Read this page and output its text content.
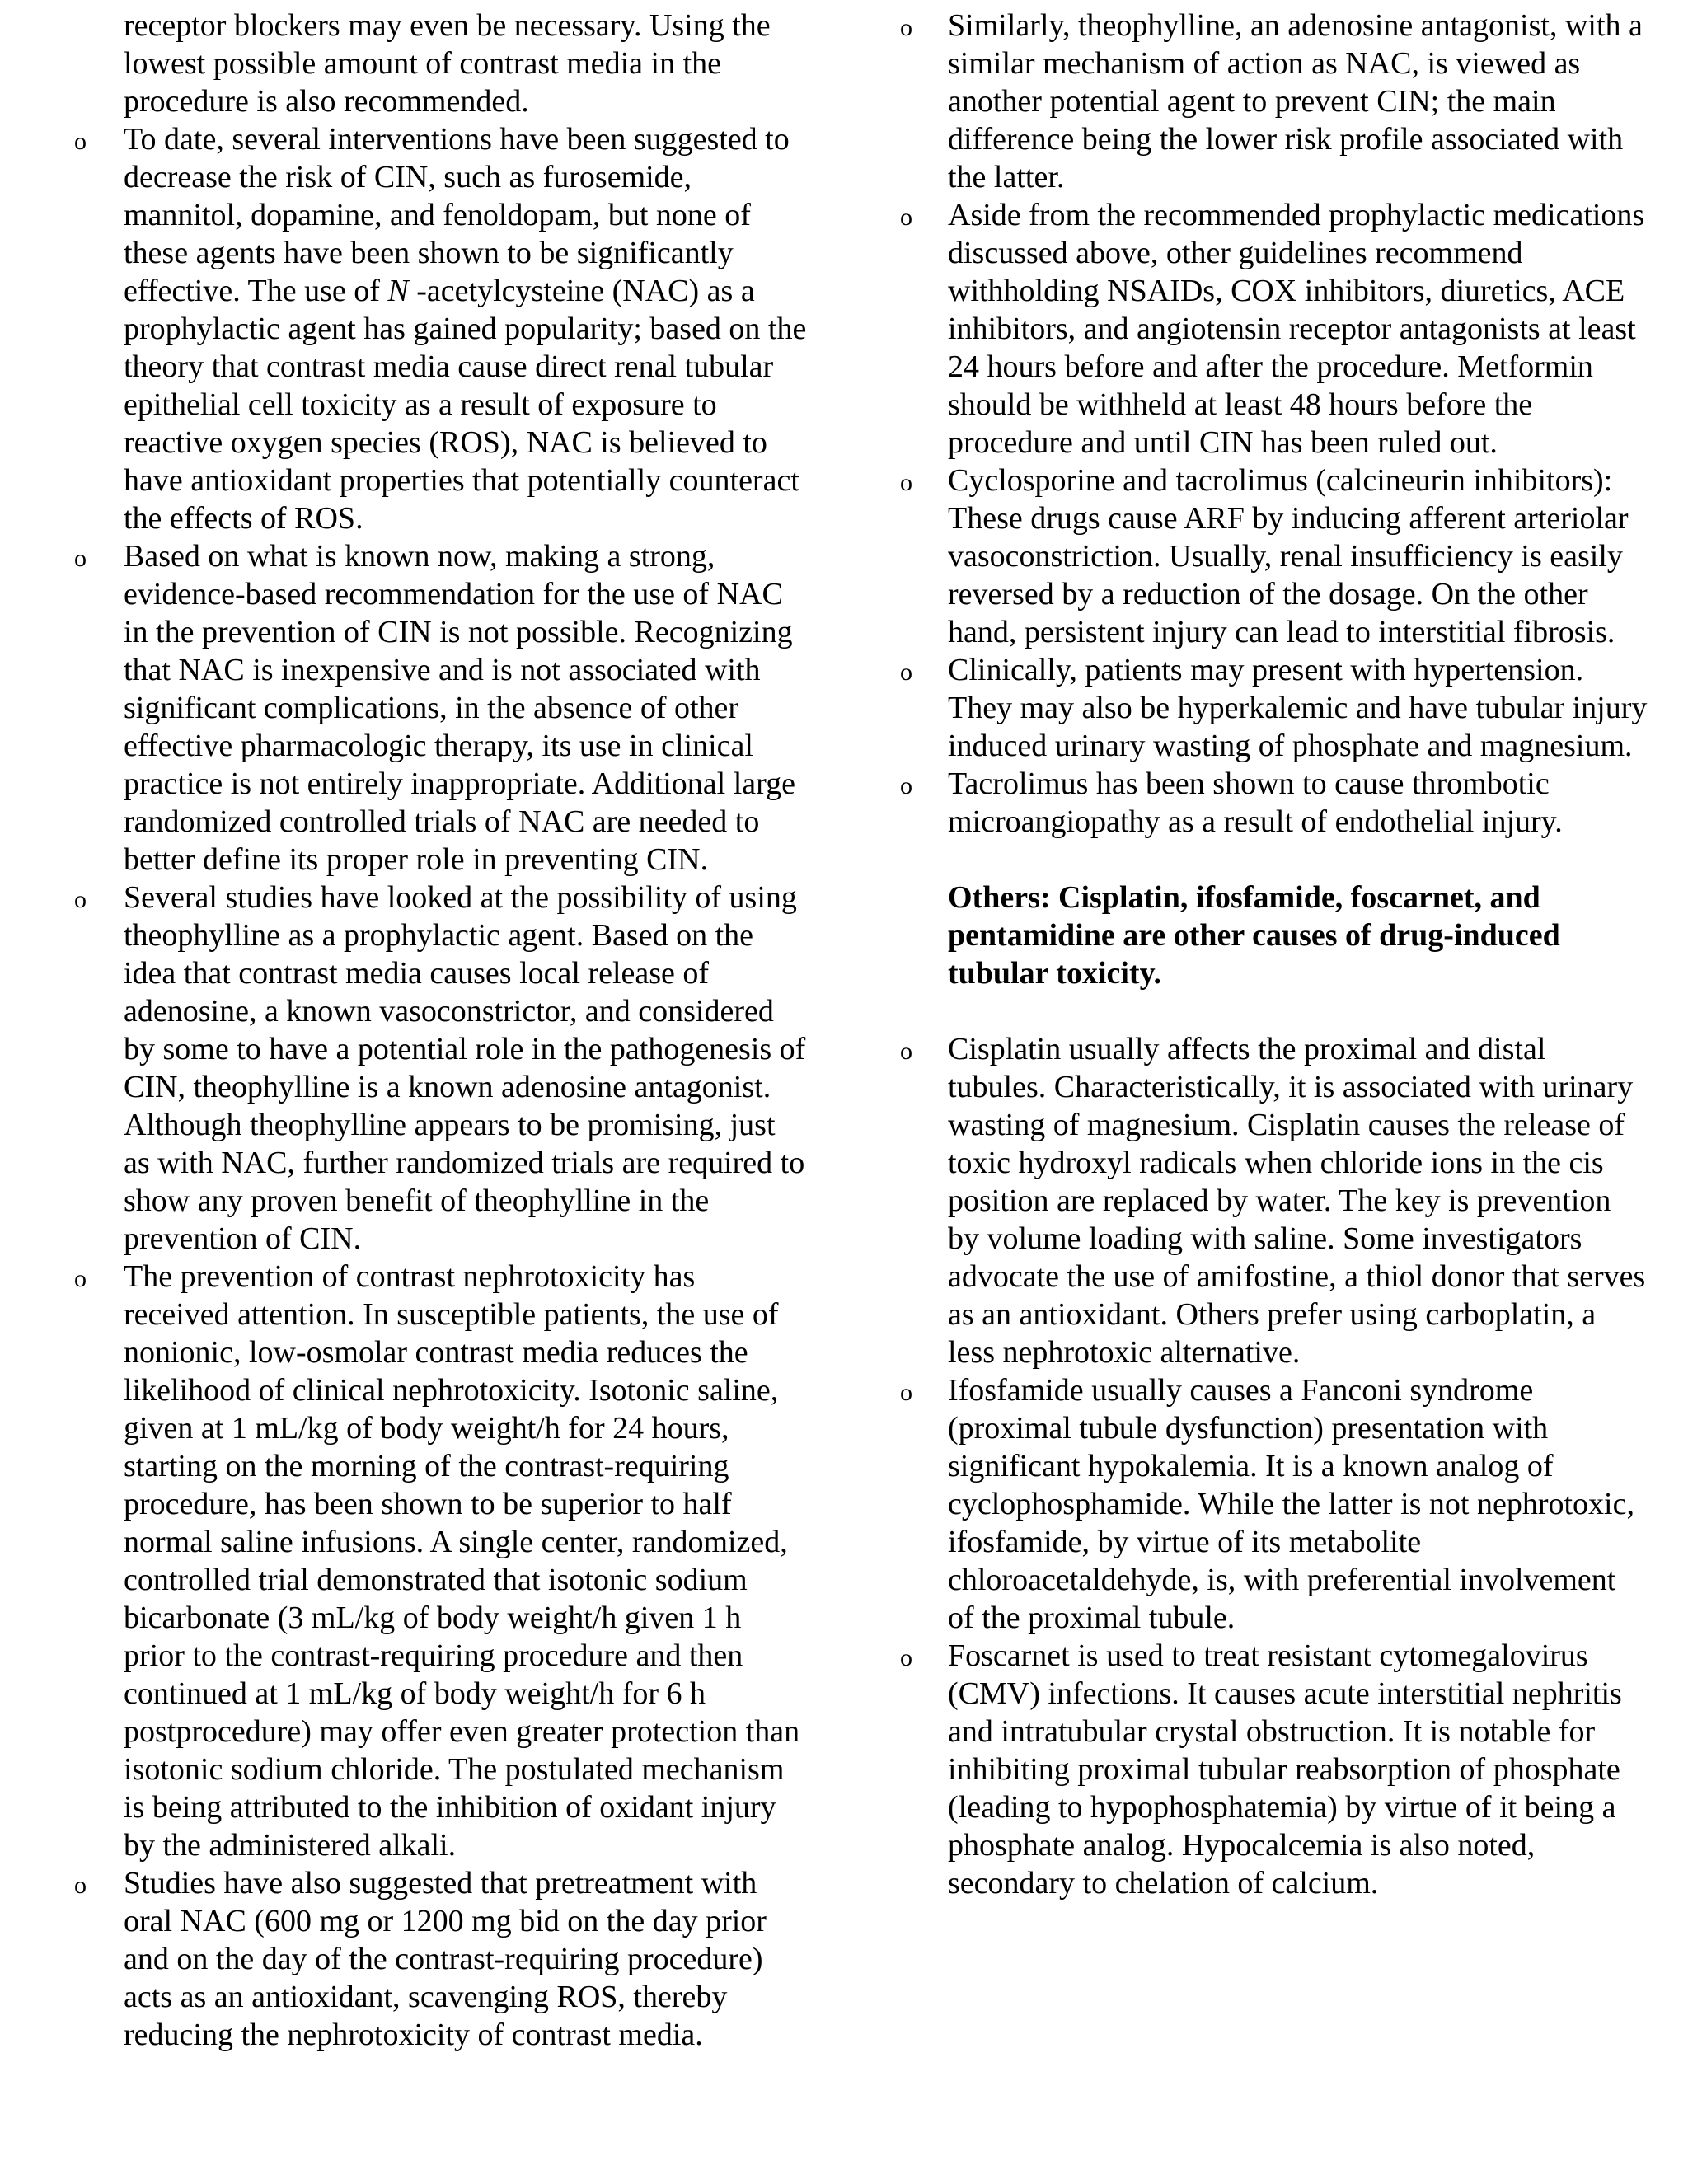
receptor blockers may even be necessary. Using the lowest possible amount of contrast media in the procedure is also recommended.

o To date, several interventions have been suggested to decrease the risk of CIN, such as furosemide, mannitol, dopamine, and fenoldopam, but none of these agents have been shown to be significantly effective. The use of N -acetylcysteine (NAC) as a prophylactic agent has gained popularity; based on the theory that contrast media cause direct renal tubular epithelial cell toxicity as a result of exposure to reactive oxygen species (ROS), NAC is believed to have antioxidant properties that potentially counteract the effects of ROS.
o Based on what is known now, making a strong, evidence-based recommendation for the use of NAC in the prevention of CIN is not possible. Recognizing that NAC is inexpensive and is not associated with significant complications, in the absence of other effective pharmacologic therapy, its use in clinical practice is not entirely inappropriate. Additional large randomized controlled trials of NAC are needed to better define its proper role in preventing CIN.
o Several studies have looked at the possibility of using theophylline as a prophylactic agent. Based on the idea that contrast media causes local release of adenosine, a known vasoconstrictor, and considered by some to have a potential role in the pathogenesis of CIN, theophylline is a known adenosine antagonist. Although theophylline appears to be promising, just as with NAC, further randomized trials are required to show any proven benefit of theophylline in the prevention of CIN.
o The prevention of contrast nephrotoxicity has received attention. In susceptible patients, the use of nonionic, low-osmolar contrast media reduces the likelihood of clinical nephrotoxicity. Isotonic saline, given at 1 mL/kg of body weight/h for 24 hours, starting on the morning of the contrast-requiring procedure, has been shown to be superior to half normal saline infusions. A single center, randomized, controlled trial demonstrated that isotonic sodium bicarbonate (3 mL/kg of body weight/h given 1 h prior to the contrast-requiring procedure and then continued at 1 mL/kg of body weight/h for 6 h postprocedure) may offer even greater protection than isotonic sodium chloride. The postulated mechanism is being attributed to the inhibition of oxidant injury by the administered alkali.
o Studies have also suggested that pretreatment with oral NAC (600 mg or 1200 mg bid on the day prior and on the day of the contrast-requiring procedure) acts as an antioxidant, scavenging ROS, thereby reducing the nephrotoxicity of contrast media.
o Similarly, theophylline, an adenosine antagonist, with a similar mechanism of action as NAC, is viewed as another potential agent to prevent CIN; the main difference being the lower risk profile associated with the latter.
o Aside from the recommended prophylactic medications discussed above, other guidelines recommend withholding NSAIDs, COX inhibitors, diuretics, ACE inhibitors, and angiotensin receptor antagonists at least 24 hours before and after the procedure. Metformin should be withheld at least 48 hours before the procedure and until CIN has been ruled out.
o Cyclosporine and tacrolimus (calcineurin inhibitors): These drugs cause ARF by inducing afferent arteriolar vasoconstriction. Usually, renal insufficiency is easily reversed by a reduction of the dosage. On the other hand, persistent injury can lead to interstitial fibrosis.
o Clinically, patients may present with hypertension. They may also be hyperkalemic and have tubular injury induced urinary wasting of phosphate and magnesium.
o Tacrolimus has been shown to cause thrombotic microangiopathy as a result of endothelial injury.

Others: Cisplatin, ifosfamide, foscarnet, and pentamidine are other causes of drug-induced tubular toxicity.

o Cisplatin usually affects the proximal and distal tubules. Characteristically, it is associated with urinary wasting of magnesium. Cisplatin causes the release of toxic hydroxyl radicals when chloride ions in the cis position are replaced by water. The key is prevention by volume loading with saline. Some investigators advocate the use of amifostine, a thiol donor that serves as an antioxidant. Others prefer using carboplatin, a less nephrotoxic alternative.
o Ifosfamide usually causes a Fanconi syndrome (proximal tubule dysfunction) presentation with significant hypokalemia. It is a known analog of cyclophosphamide. While the latter is not nephrotoxic, ifosfamide, by virtue of its metabolite chloroacetaldehyde, is, with preferential involvement of the proximal tubule.
o Foscarnet is used to treat resistant cytomegalovirus (CMV) infections. It causes acute interstitial nephritis and intratubular crystal obstruction. It is notable for inhibiting proximal tubular reabsorption of phosphate (leading to hypophosphatemia) by virtue of it being a phosphate analog. Hypocalcemia is also noted, secondary to chelation of calcium.
